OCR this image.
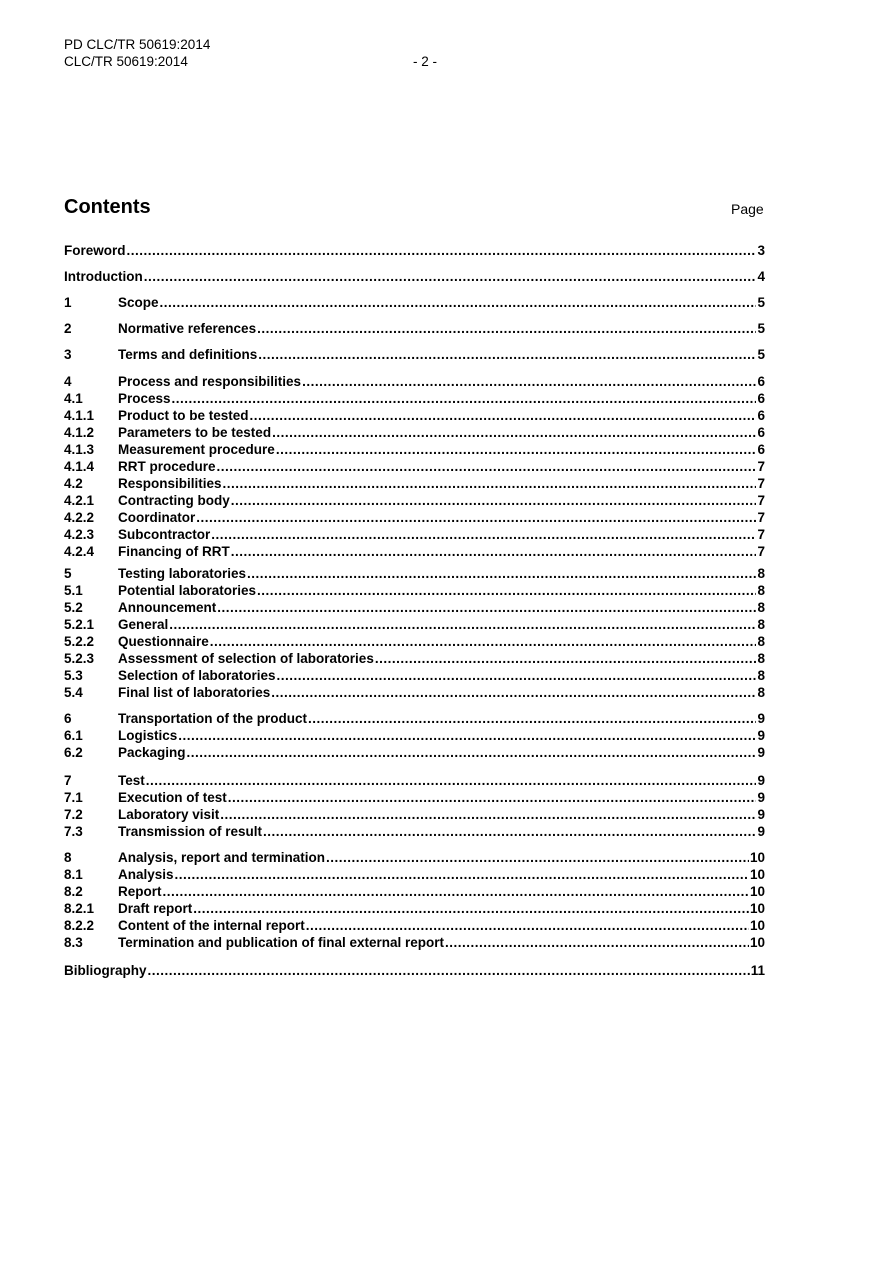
PD CLC/TR 50619:2014
CLC/TR 50619:2014	- 2 -
Contents	Page
Foreword .....	3
Introduction .....	4
1	Scope .....	5
2	Normative references .....	5
3	Terms and definitions .....	5
4	Process and responsibilities .....	6
4.1	Process .....	6
4.1.1	Product to be tested .....	6
4.1.2	Parameters to be tested .....	6
4.1.3	Measurement procedure .....	6
4.1.4	RRT procedure .....	7
4.2	Responsibilities .....	7
4.2.1	Contracting body .....	7
4.2.2	Coordinator .....	7
4.2.3	Subcontractor .....	7
4.2.4	Financing of RRT .....	7
5	Testing laboratories .....	8
5.1	Potential laboratories .....	8
5.2	Announcement .....	8
5.2.1	General .....	8
5.2.2	Questionnaire .....	8
5.2.3	Assessment of selection of laboratories .....	8
5.3	Selection of laboratories .....	8
5.4	Final list of laboratories .....	8
6	Transportation of the product .....	9
6.1	Logistics .....	9
6.2	Packaging .....	9
7	Test .....	9
7.1	Execution of test .....	9
7.2	Laboratory visit .....	9
7.3	Transmission of result .....	9
8	Analysis, report and termination .....	10
8.1	Analysis .....	10
8.2	Report .....	10
8.2.1	Draft report .....	10
8.2.2	Content of the internal report .....	10
8.3	Termination and publication of final external report .....	10
Bibliography .....	11
